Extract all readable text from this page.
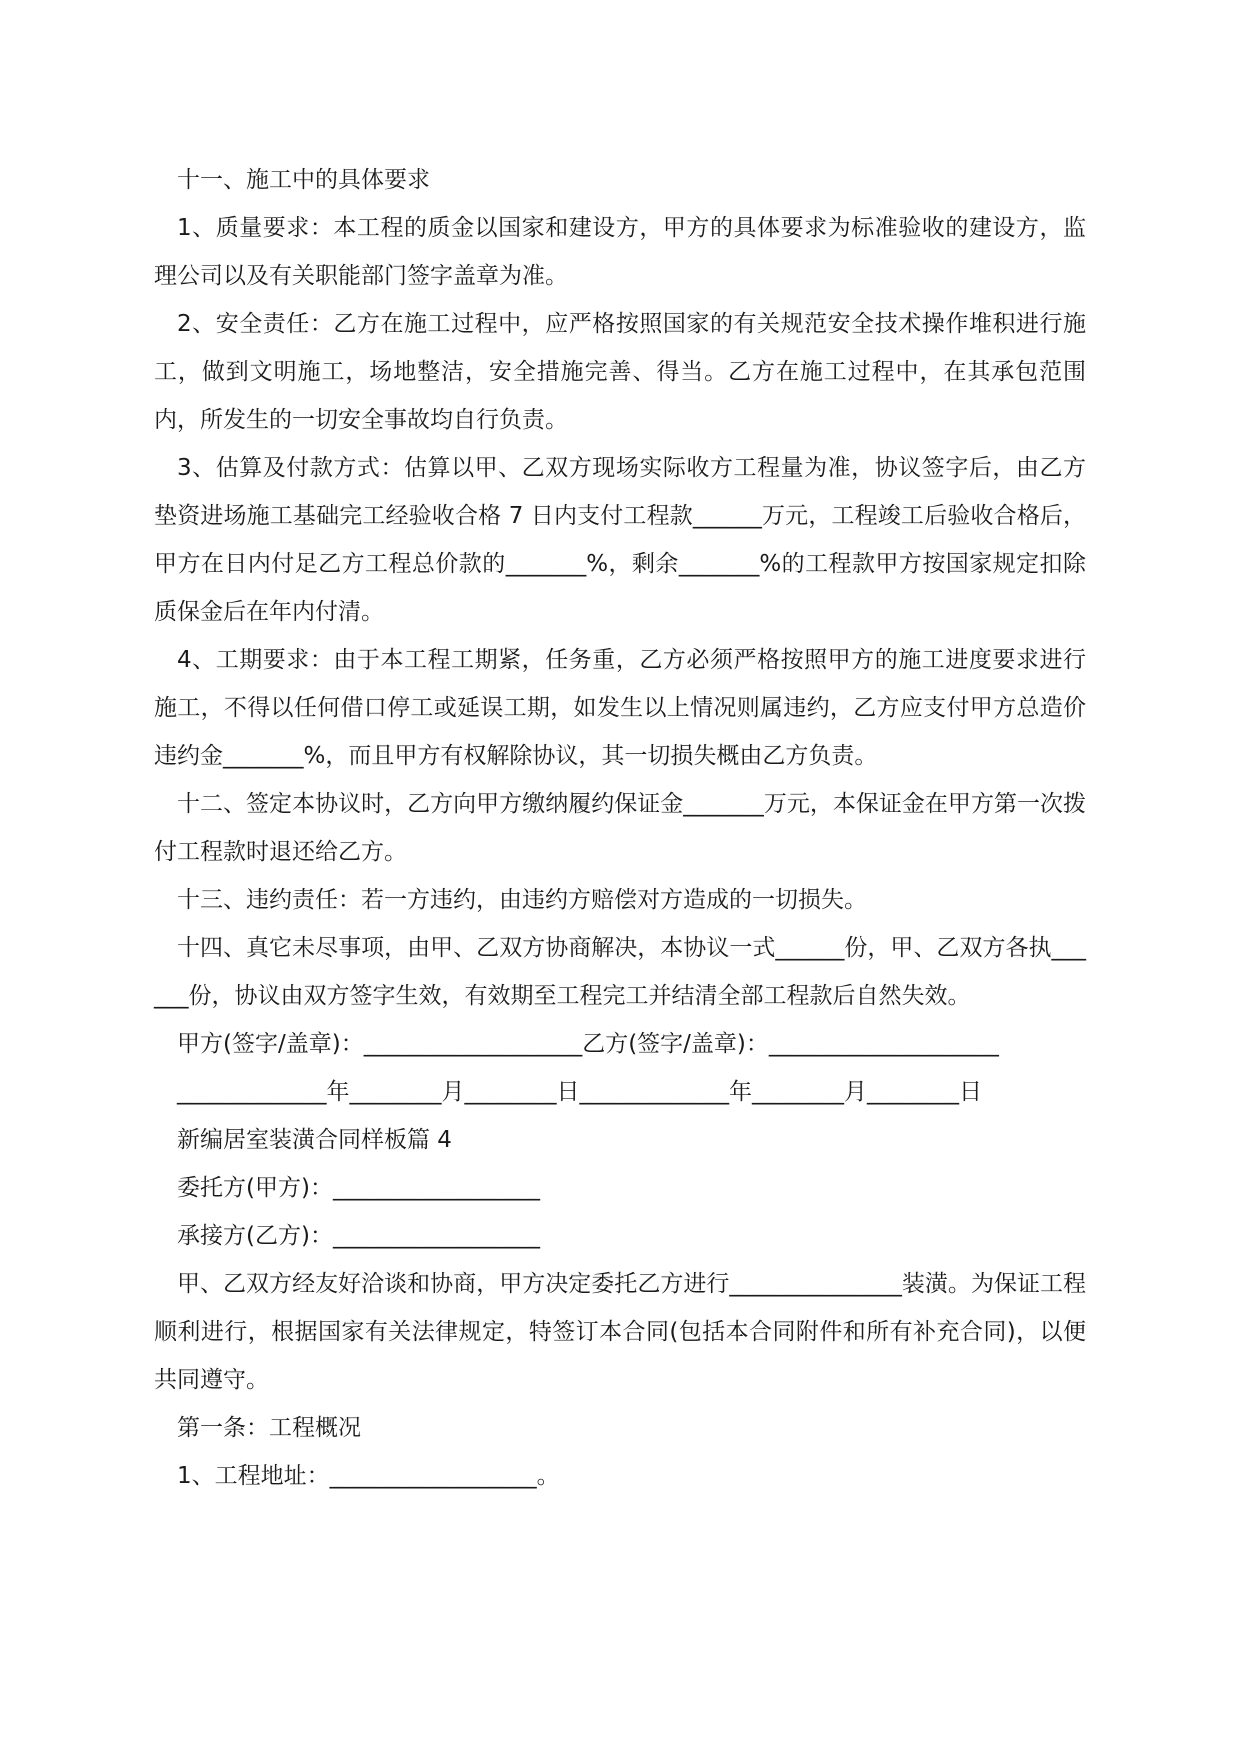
十一、施工中的具体要求

1、质量要求：本工程的质金以国家和建设方，甲方的具体要求为标准验收的建设方，监理公司以及有关职能部门签字盖章为准。

2、安全责任：乙方在施工过程中，应严格按照国家的有关规范安全技术操作堆积进行施工，做到文明施工，场地整洁，安全措施完善、得当。乙方在施工过程中，在其承包范围内，所发生的一切安全事故均自行负责。

3、估算及付款方式：估算以甲、乙双方现场实际收方工程量为准，协议签字后，由乙方垫资进场施工基础完工经验收合格 7 日内支付工程款______万元，工程竣工后验收合格后，甲方在日内付足乙方工程总价款的_______%，剩余_______%的工程款甲方按国家规定扣除质保金后在年内付清。

4、工期要求：由于本工程工期紧，任务重，乙方必须严格按照甲方的施工进度要求进行施工，不得以任何借口停工或延误工期，如发生以上情况则属违约，乙方应支付甲方总造价违约金_______%，而且甲方有权解除协议，其一切损失概由乙方负责。

十二、签定本协议时，乙方向甲方缴纳履约保证金_______万元，本保证金在甲方第一次拨付工程款时退还给乙方。

十三、违约责任：若一方违约，由违约方赔偿对方造成的一切损失。

十四、真它未尽事项，由甲、乙双方协商解决，本协议一式______份，甲、乙双方各执______份，协议由双方签字生效，有效期至工程完工并结清全部工程款后自然失效。

甲方(签字/盖章)：___________________乙方(签字/盖章)：____________________

_____________年________月________日_____________年________月________日

新编居室装潢合同样板篇 4

委托方(甲方)：__________________

承接方(乙方)：__________________

甲、乙双方经友好洽谈和协商，甲方决定委托乙方进行_______________装潢。为保证工程顺利进行，根据国家有关法律规定，特签订本合同(包括本合同附件和所有补充合同)，以便共同遵守。

第一条：工程概况

1、工程地址：__________________。
